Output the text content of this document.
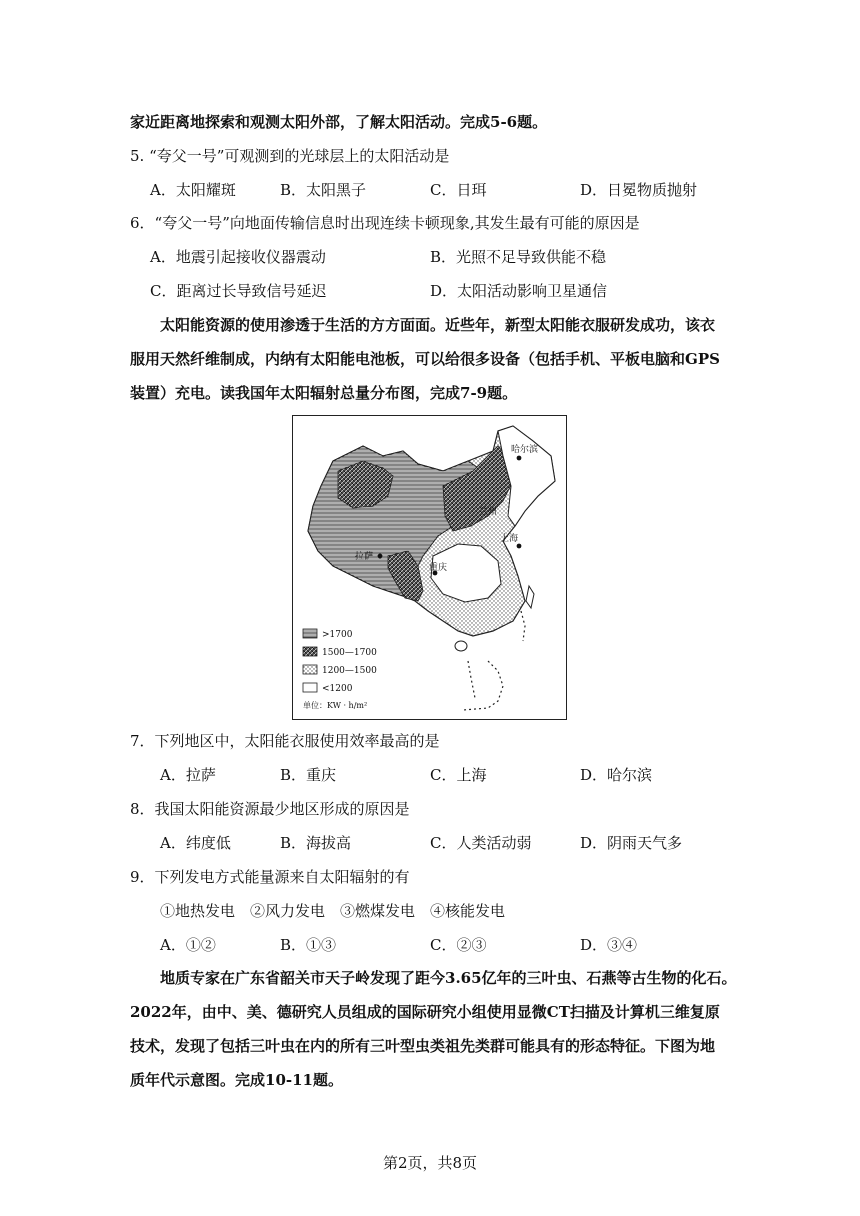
家近距离地探索和观测太阳外部，了解太阳活动。完成5-6题。
5. “夸父一号”可观测到的光球层上的太阳活动是
A．太阳耀斑	B．太阳黑子	C．日珥	D．日冕物质抛射
6．“夸父一号”向地面传输信息时出现连续卡顿现象,其发生最有可能的原因是
A．地震引起接收仪器震动	B．光照不足导致供能不稳
C．距离过长导致信号延迟	D．太阳活动影响卫星通信
太阳能资源的使用渗透于生活的方方面面。近些年，新型太阳能衣服研发成功，该衣
服用天然纤维制成，内纳有太阳能电池板，可以给很多设备（包括手机、平板电脑和GPS
装置）充电。读我国年太阳辐射总量分布图，完成7-9题。
哈尔滨
兰州
上海
拉萨
重庆
>1700
1500—1700
1200—1500
<1200
单位：KW · h/m²
7．下列地区中，太阳能衣服使用效率最高的是
A．拉萨	B．重庆	C．上海	D．哈尔滨
8．我国太阳能资源最少地区形成的原因是
A．纬度低	B．海拔高	C．人类活动弱	D．阴雨天气多
9．下列发电方式能量源来自太阳辐射的有
①地热发电　②风力发电　③燃煤发电　④核能发电
A．①②	B．①③	C．②③	D．③④
地质专家在广东省韶关市天子岭发现了距今3.65亿年的三叶虫、石燕等古生物的化石。
2022年，由中、美、德研究人员组成的国际研究小组使用显微CT扫描及计算机三维复原
技术，发现了包括三叶虫在内的所有三叶型虫类祖先类群可能具有的形态特征。下图为地
质年代示意图。完成10-11题。
第2页，共8页
